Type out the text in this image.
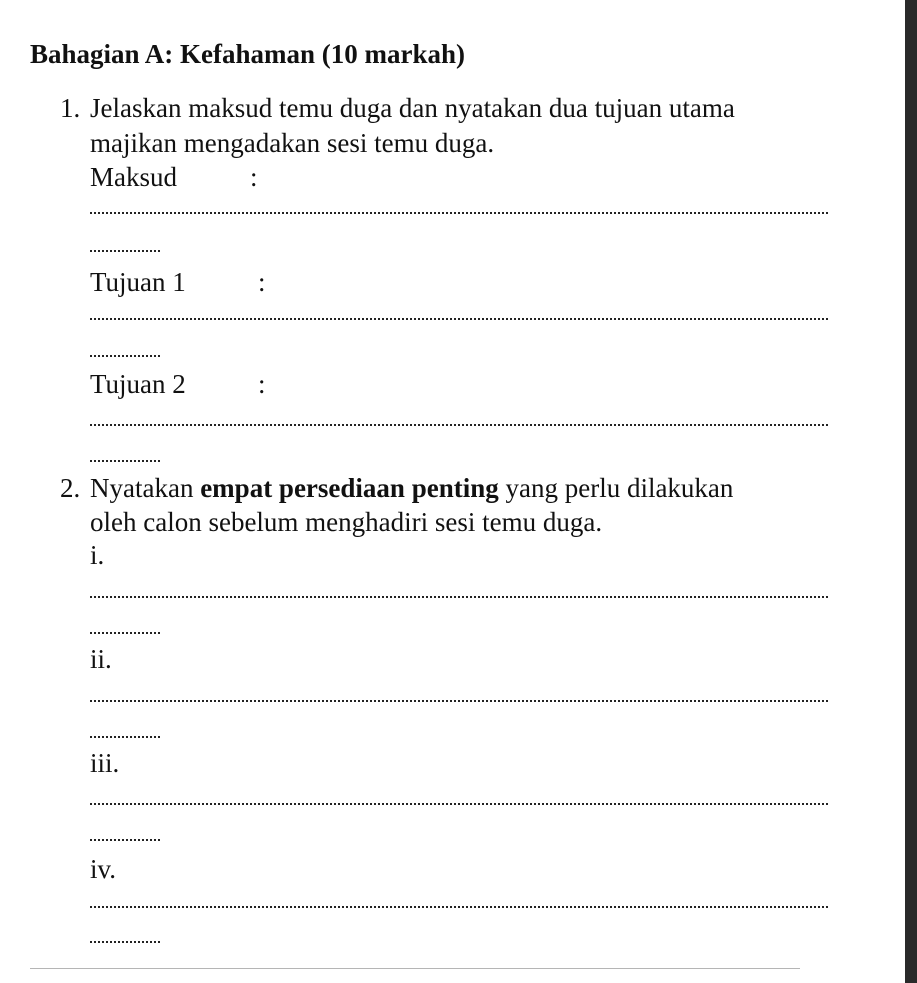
Bahagian A: Kefahaman (10 markah)
1. Jelaskan maksud temu duga dan nyatakan dua tujuan utama
majikan mengadakan sesi temu duga.
Maksud	:
Tujuan 1	:
Tujuan 2	:
2. Nyatakan empat persediaan penting yang perlu dilakukan
oleh calon sebelum menghadiri sesi temu duga.
i.
ii.
iii.
iv.
